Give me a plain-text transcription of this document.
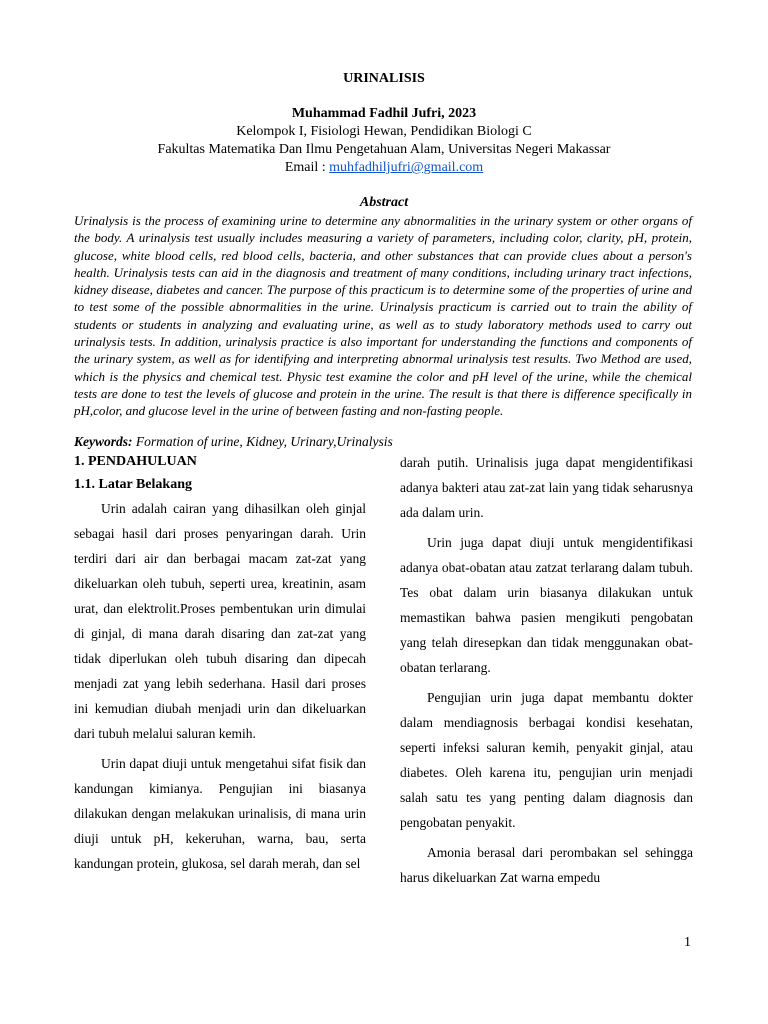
URINALISIS
Muhammad Fadhil Jufri, 2023
Kelompok I, Fisiologi Hewan, Pendidikan Biologi C
Fakultas Matematika Dan Ilmu Pengetahuan Alam, Universitas Negeri Makassar
Email : muhfadhiljufri@gmail.com
Abstract

Urinalysis is the process of examining urine to determine any abnormalities in the urinary system or other organs of the body. A urinalysis test usually includes measuring a variety of parameters, including color, clarity, pH, protein, glucose, white blood cells, red blood cells, bacteria, and other substances that can provide clues about a person's health. Urinalysis tests can aid in the diagnosis and treatment of many conditions, including urinary tract infections, kidney disease, diabetes and cancer. The purpose of this practicum is to determine some of the properties of urine and to test some of the possible abnormalities in the urine. Urinalysis practicum is carried out to train the ability of students or students in analyzing and evaluating urine, as well as to study laboratory methods used to carry out urinalysis tests. In addition, urinalysis practice is also important for understanding the functions and components of the urinary system, as well as for identifying and interpreting abnormal urinalysis test results. Two Method are used, which is the physics and chemical test. Physic test examine the color and pH level of the urine, while the chemical tests are done to test the levels of glucose and protein in the urine. The result is that there is difference specifically in pH,color, and glucose level in the urine of between fasting and non-fasting people.

Keywords: Formation of urine, Kidney, Urinary,Urinalysis

1. PENDAHULUAN

1.1. Latar Belakang

Urin adalah cairan yang dihasilkan oleh ginjal sebagai hasil dari proses penyaringan darah. Urin terdiri dari air dan berbagai macam zat-zat yang dikeluarkan oleh tubuh, seperti urea, kreatinin, asam urat, dan elektrolit.Proses pembentukan urin dimulai di ginjal, di mana darah disaring dan zat-zat yang tidak diperlukan oleh tubuh disaring dan dipecah menjadi zat yang lebih sederhana. Hasil dari proses ini kemudian diubah menjadi urin dan dikeluarkan dari tubuh melalui saluran kemih.

Urin dapat diuji untuk mengetahui sifat fisik dan kandungan kimianya. Pengujian ini biasanya dilakukan dengan melakukan urinalisis, di mana urin diuji untuk pH, kekeruhan, warna, bau, serta kandungan protein, glukosa, sel darah merah, dan sel

darah putih. Urinalisis juga dapat mengidentifikasi adanya bakteri atau zat-zat lain yang tidak seharusnya ada dalam urin.

Urin juga dapat diuji untuk mengidentifikasi adanya obat-obatan atau zatzat terlarang dalam tubuh. Tes obat dalam urin biasanya dilakukan untuk memastikan bahwa pasien mengikuti pengobatan yang telah diresepkan dan tidak menggunakan obat-obatan terlarang.

Pengujian urin juga dapat membantu dokter dalam mendiagnosis berbagai kondisi kesehatan, seperti infeksi saluran kemih, penyakit ginjal, atau diabetes. Oleh karena itu, pengujian urin menjadi salah satu tes yang penting dalam diagnosis dan pengobatan penyakit.

Amonia berasal dari perombakan sel sehingga harus dikeluarkan Zat warna empedu

1
